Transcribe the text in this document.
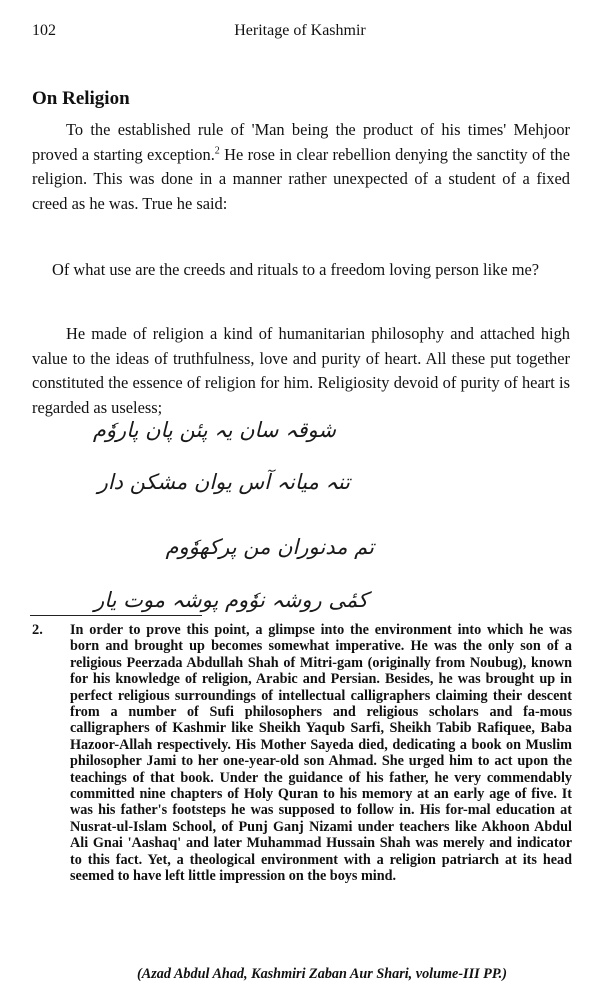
102	Heritage of Kashmir
On Religion

To the established rule of 'Man being the product of his times' Mehjoor proved a starting exception.$^2$ He rose in clear rebellion denying the sanctity of the religion. This was done in a manner rather unexpected of a student of a fixed creed as he was. True he said:

Of what use are the creeds and rituals to a freedom loving person like me?

He made of religion a kind of humanitarian philosophy and attached high value to the ideas of truthfulness, love and purity of heart. All these put together constituted the essence of religion for him. Religiosity devoid of purity of heart is regarded as useless;

شوقہ سان یہ پئن پان پاروٗم

تنہ میانہ آس یوان مشکن دار

تم مدنوران من پرکھوٗوم

کمٔی روشہ نوٗوم پوشہ موت یار

2. In order to prove this point, a glimpse into the environment into which he was born and brought up becomes somewhat imperative. He was the only son of a religious Peerzada Abdullah Shah of Mitri-gam (originally from Noubug), known for his knowledge of religion, Arabic and Persian. Besides, he was brought up in perfect religious surroundings of intellectual calligraphers claiming their descent from a number of Sufi philosophers and religious scholars and fa-mous calligraphers of Kashmir like Sheikh Yaqub Sarfi, Sheikh Tabib Rafiquee, Baba Hazoor-Allah respectively. His Mother Sayeda died, dedicating a book on Muslim philosopher Jami to her one-year-old son Ahmad. She urged him to act upon the teachings of that book. Under the guidance of his father, he very commendably committed nine chapters of Holy Quran to his memory at an early age of five. It was his father's footsteps he was supposed to follow in. His for-mal education at Nusrat-ul-Islam School, of Punj Ganj Nizami under teachers like Akhoon Abdul Ali Gnai 'Aashaq' and later Muhammad Hussain Shah was merely and indicator to this fact. Yet, a theological environment with a religion patriarch at its head seemed to have left little impression on the boys mind.

(Azad Abdul Ahad, Kashmiri Zaban Aur Shari, volume-III PP.)
